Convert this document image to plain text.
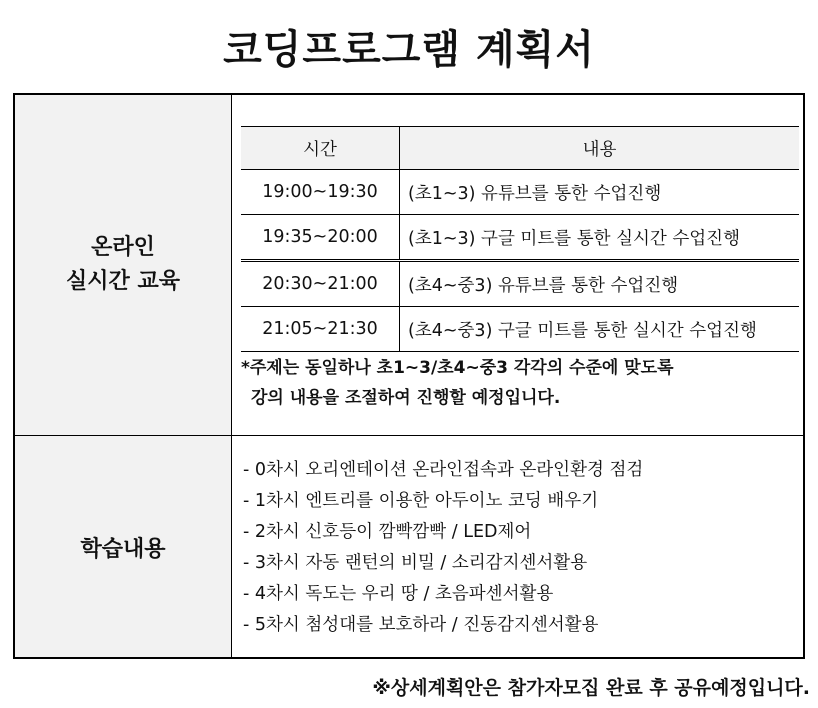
코딩프로그램 계획서
온라인
실시간 교육
시간	내용
19:00~19:30	(초1~3) 유튜브를 통한 수업진행
19:35~20:00	(초1~3) 구글 미트를 통한 실시간 수업진행
20:30~21:00	(초4~중3) 유튜브를 통한 수업진행
21:05~21:30	(초4~중3) 구글 미트를 통한 실시간 수업진행
*주제는 동일하나 초1~3/초4~중3 각각의 수준에 맞도록
강의 내용을 조절하여 진행할 예정입니다.
학습내용
- 0차시 오리엔테이션 온라인접속과 온라인환경 점검
- 1차시 엔트리를 이용한 아두이노 코딩 배우기
- 2차시 신호등이 깜빡깜빡 / LED제어
- 3차시 자동 랜턴의 비밀 / 소리감지센서활용
- 4차시 독도는 우리 땅 / 초음파센서활용
- 5차시 첨성대를 보호하라 / 진동감지센서활용
※상세계획안은 참가자모집 완료 후 공유예정입니다.
